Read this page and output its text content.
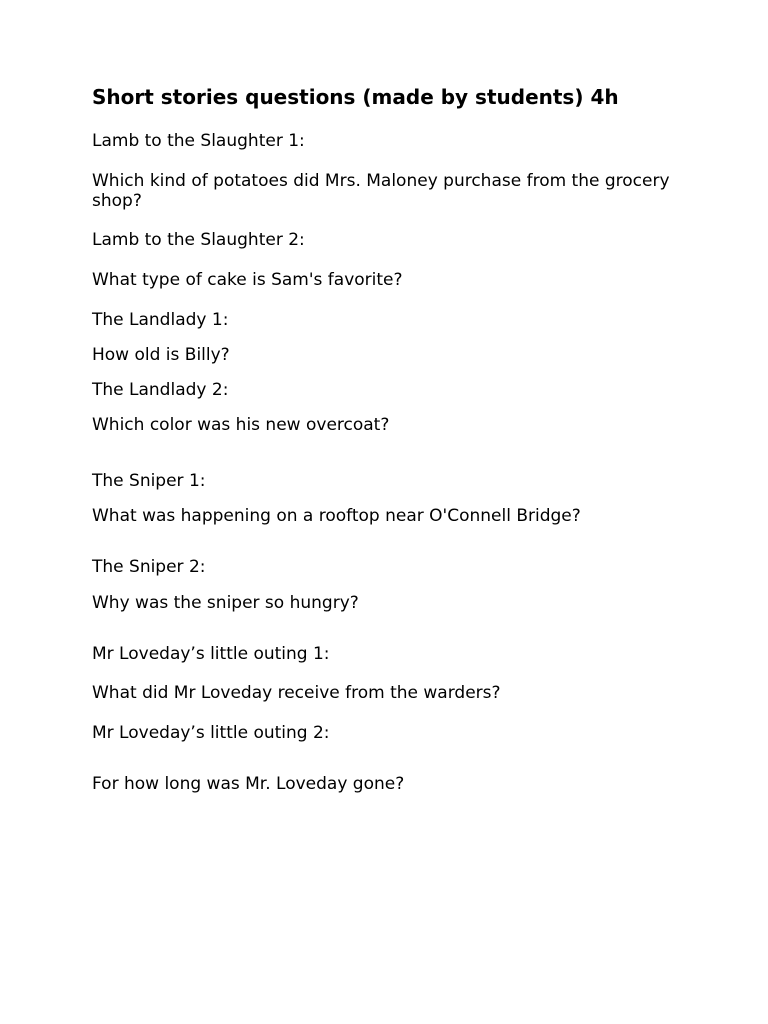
Short stories questions (made by students) 4h
Lamb to the Slaughter 1:
Which kind of potatoes did Mrs. Maloney purchase from the grocery shop?
Lamb to the Slaughter 2:
What type of cake is Sam's favorite?
The Landlady 1:
How old is Billy?
The Landlady 2:
Which color was his new overcoat?
The Sniper 1:
What was happening on a rooftop near O'Connell Bridge?
The Sniper 2:
Why was the sniper so hungry?
Mr Loveday’s little outing 1:
What did Mr Loveday receive from the warders?
Mr Loveday’s little outing 2:
For how long was Mr. Loveday gone?
